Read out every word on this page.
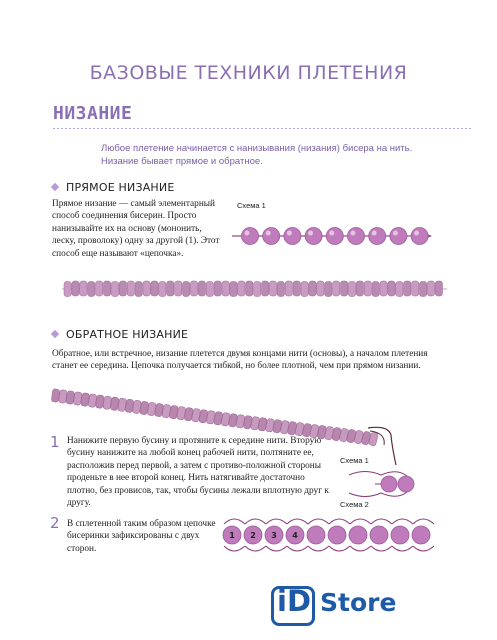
БАЗОВЫЕ ТЕХНИКИ ПЛЕТЕНИЯ
НИЗАНИЕ
Любое плетение начинается с нанизывания (низания) бисера на нить. Низание бывает прямое и обратное.
ПРЯМОЕ НИЗАНИЕ
Прямое низание — самый элементарный способ соединения бисерин. Просто нанизывайте их на основу (мононить, леску, проволоку) одну за другой (1). Этот способ еще называют «цепочка».
Схема 1
ОБРАТНОЕ НИЗАНИЕ
Обратное, или встречное, низание плетется двумя концами нити (основы), а началом плетения станет ее середина. Цепочка получается тибкой, но более плотной, чем при прямом низании.
1 Нанижите первую бусину и протяните к середине нити. Вторую бусину нанижите на любой конец рабочей нити, полтяните ее, расположив перед первой, а затем с противо-положной стороны проденьте в нее второй конец. Нить натягивайте достаточно плотно, без провисов, так, чтобы бусины лежали вплотную друг к другу.
Схема 1
Схема 2
2 В сплетенной таким образом цепочке бисеринки зафиксированы с двух сторон.
1 2 3 4
iD Store
